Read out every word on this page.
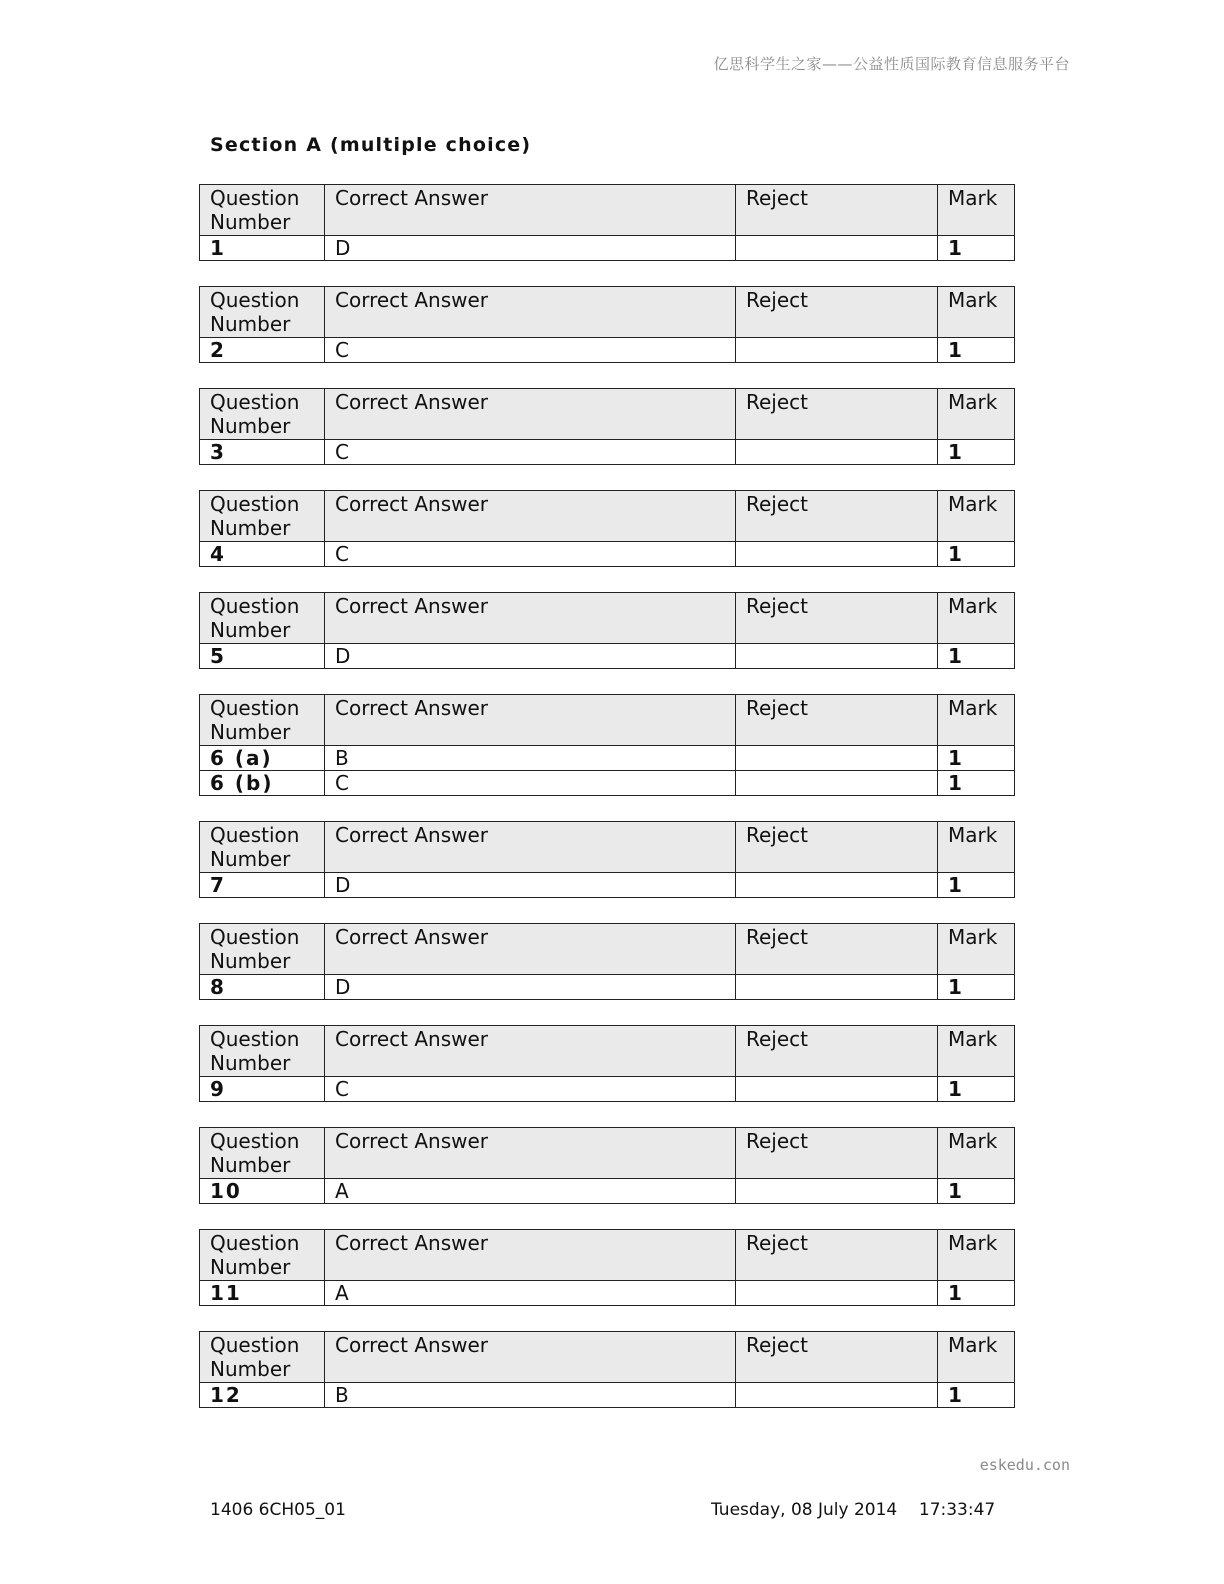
亿思科学生之家——公益性质国际教育信息服务平台
Section A (multiple choice)
Question Number	Correct Answer	Reject	Mark
1	D		1
Question Number	Correct Answer	Reject	Mark
2	C		1
Question Number	Correct Answer	Reject	Mark
3	C		1
Question Number	Correct Answer	Reject	Mark
4	C		1
Question Number	Correct Answer	Reject	Mark
5	D		1
Question Number	Correct Answer	Reject	Mark
6 (a)	B		1
6 (b)	C		1
Question Number	Correct Answer	Reject	Mark
7	D		1
Question Number	Correct Answer	Reject	Mark
8	D		1
Question Number	Correct Answer	Reject	Mark
9	C		1
Question Number	Correct Answer	Reject	Mark
10	A		1
Question Number	Correct Answer	Reject	Mark
11	A		1
Question Number	Correct Answer	Reject	Mark
12	B		1
eskedu.con
1406 6CH05_01	Tuesday, 08 July 2014 17:33:47
